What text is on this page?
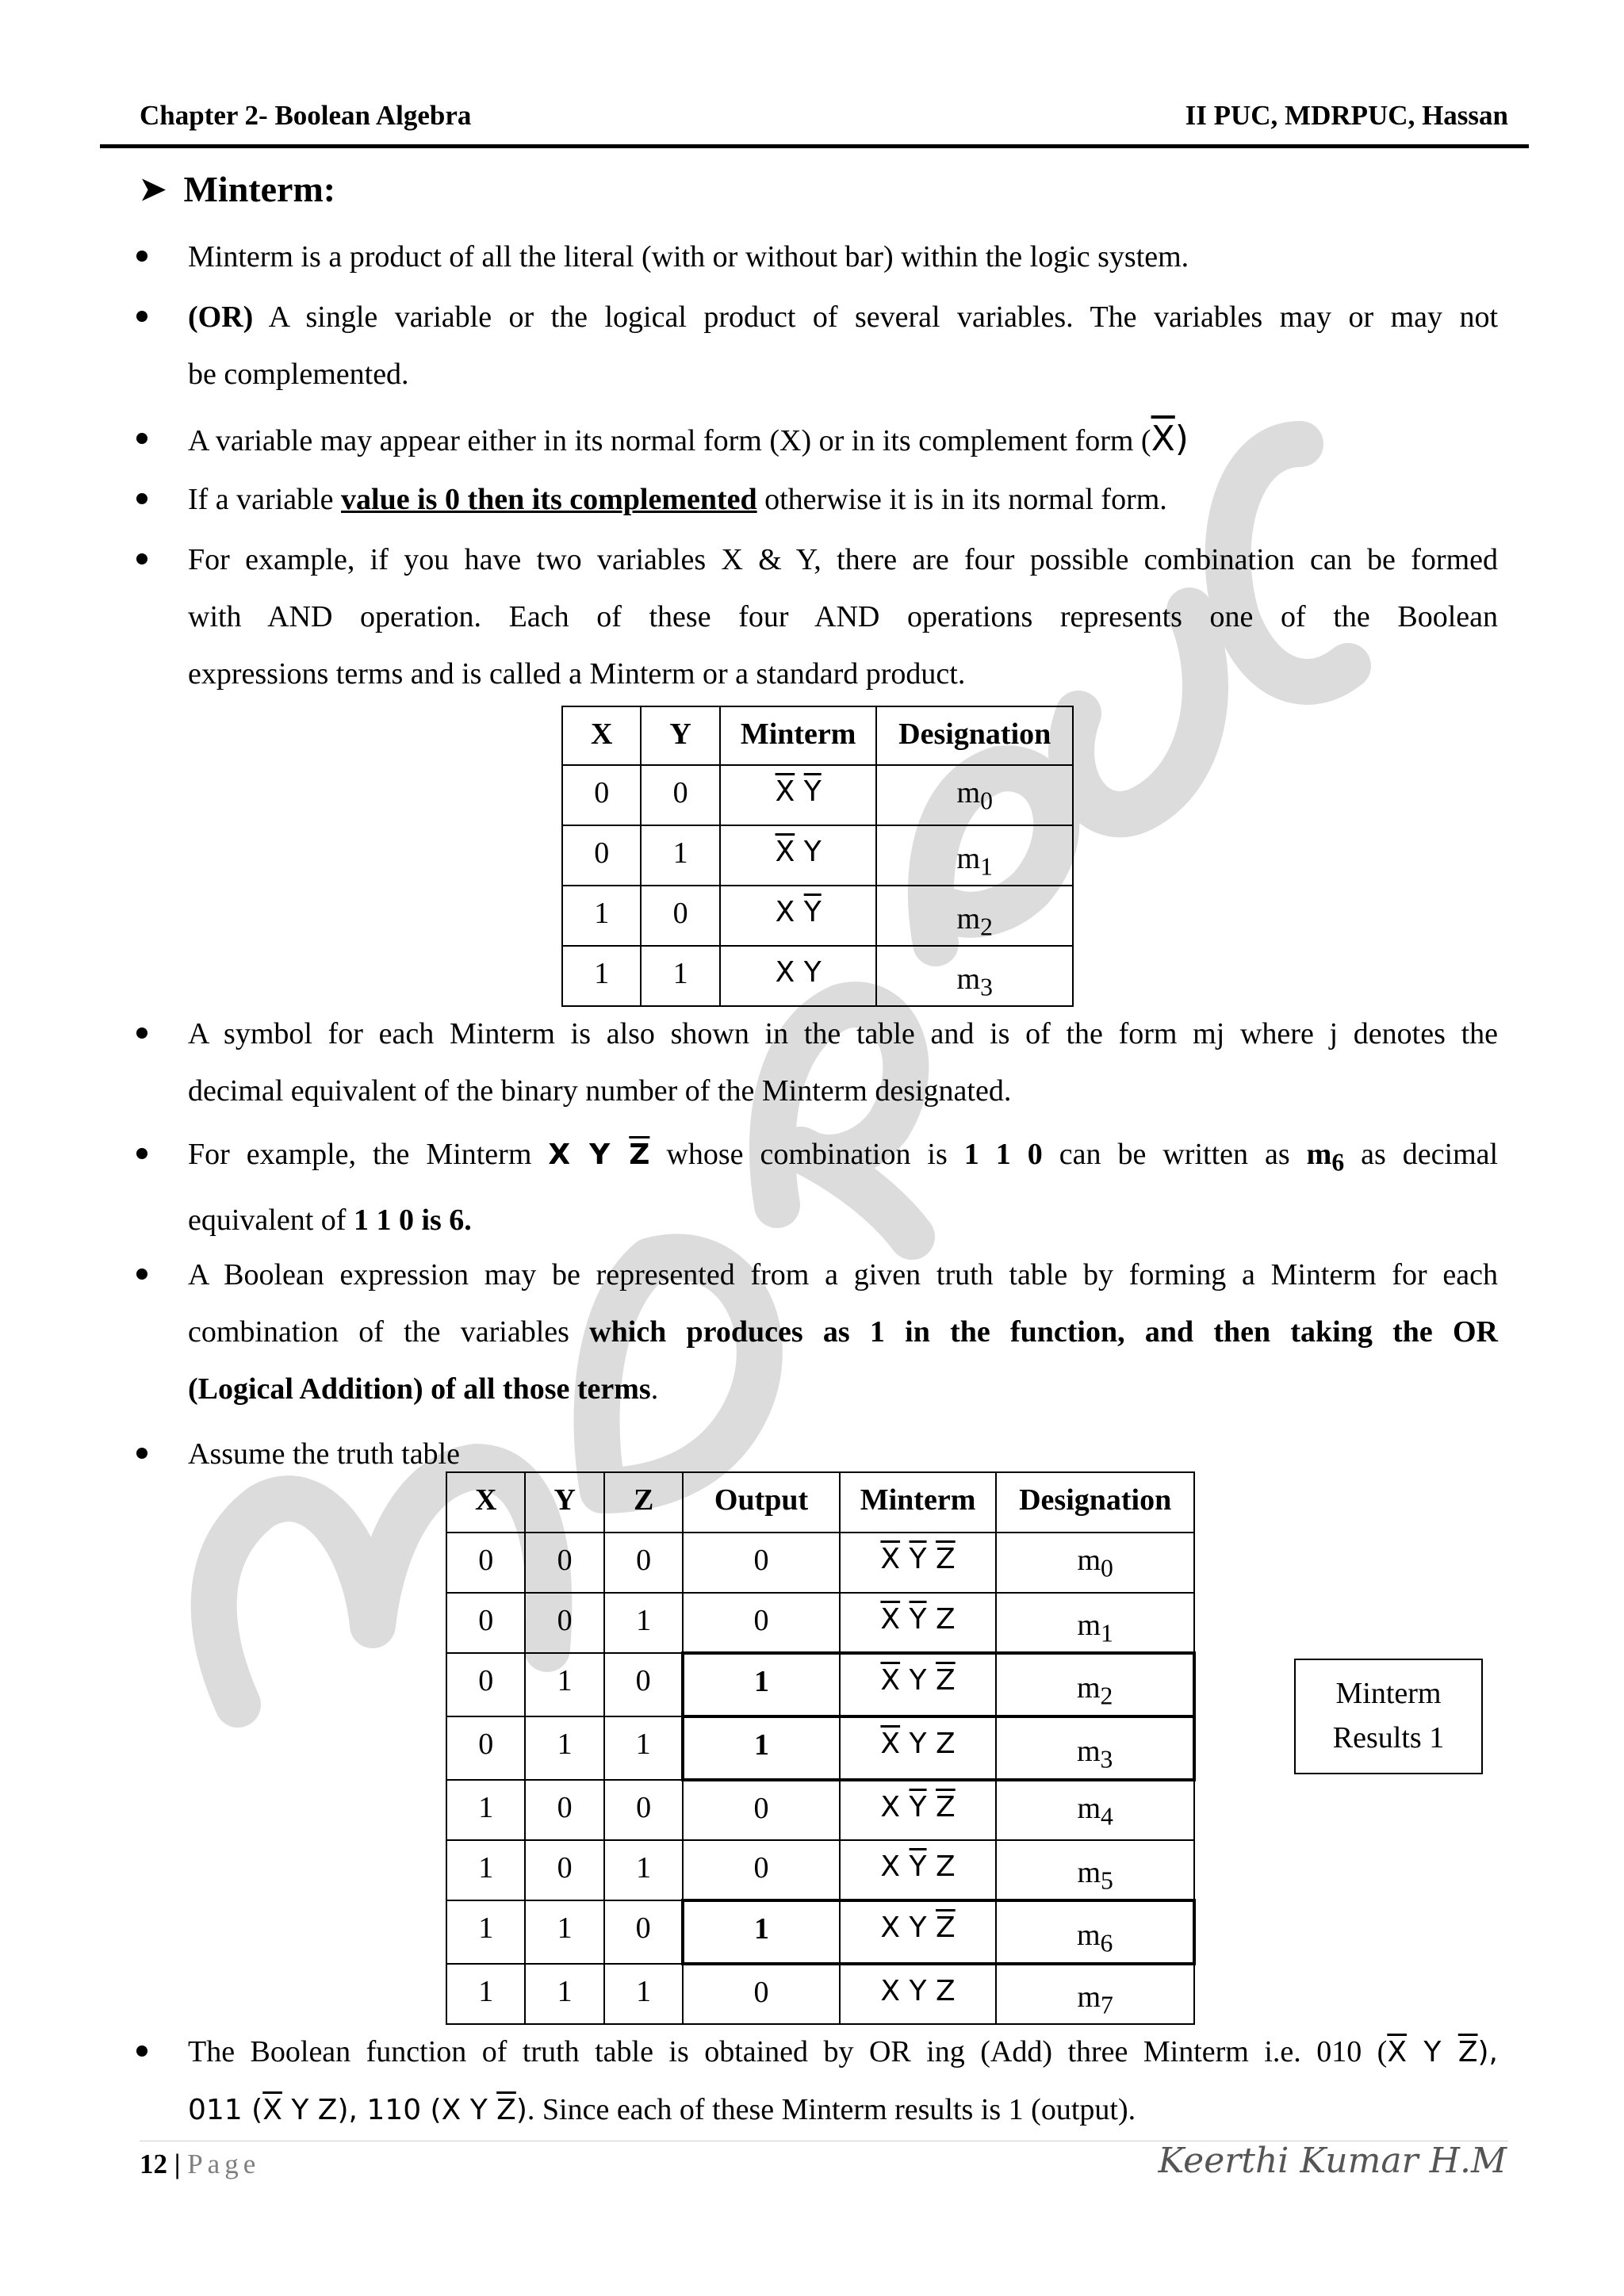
Chapter 2- Boolean Algebra	II PUC, MDRPUC, Hassan
➤ Minterm:
Minterm is a product of all the literal (with or without bar) within the logic system.
(OR) A single variable or the logical product of several variables. The variables may or may not
be complemented.
A variable may appear either in its normal form (X) or in its complement form $(\overline{X})$
If a variable value is 0 then its complemented otherwise it is in its normal form.
For example, if you have two variables X & Y, there are four possible combination can be formed
with AND operation. Each of these four AND operations represents one of the Boolean
expressions terms and is called a Minterm or a standard product.
X	Y	Minterm	Designation
0	0	$\overline{X}$ $\overline{Y}$	$m_0$
0	1	$\overline{X}$ Y	$m_1$
1	0	X $\overline{Y}$	$m_2$
1	1	X Y	$m_3$
A symbol for each Minterm is also shown in the table and is of the form mj where j denotes the
decimal equivalent of the binary number of the Minterm designated.
For example, the Minterm X Y $\overline{Z}$ whose combination is 1 1 0 can be written as $m_6$ as decimal
equivalent of 1 1 0 is 6.
A Boolean expression may be represented from a given truth table by forming a Minterm for each
combination of the variables which produces as 1 in the function, and then taking the OR
(Logical Addition) of all those terms.
Assume the truth table
X	Y	Z	Output	Minterm	Designation
0	0	0	0	$\overline{X}$ $\overline{Y}$ $\overline{Z}$	$m_0$
0	0	1	0	$\overline{X}$ $\overline{Y}$ Z	$m_1$
0	1	0	1	$\overline{X}$ Y $\overline{Z}$	$m_2$
0	1	1	1	$\overline{X}$ Y Z	$m_3$
1	0	0	0	X $\overline{Y}$ $\overline{Z}$	$m_4$
1	0	1	0	X $\overline{Y}$ Z	$m_5$
1	1	0	1	X Y $\overline{Z}$	$m_6$
1	1	1	0	X Y Z	$m_7$
Minterm
Results 1
The Boolean function of truth table is obtained by OR ing (Add) three Minterm i.e. 010 ($\overline{X}$ Y $\overline{Z}$),
011 ($\overline{X}$ Y Z), 110 (X Y $\overline{Z}$). Since each of these Minterm results is 1 (output).
12 | Page	Keerthi Kumar H.M
